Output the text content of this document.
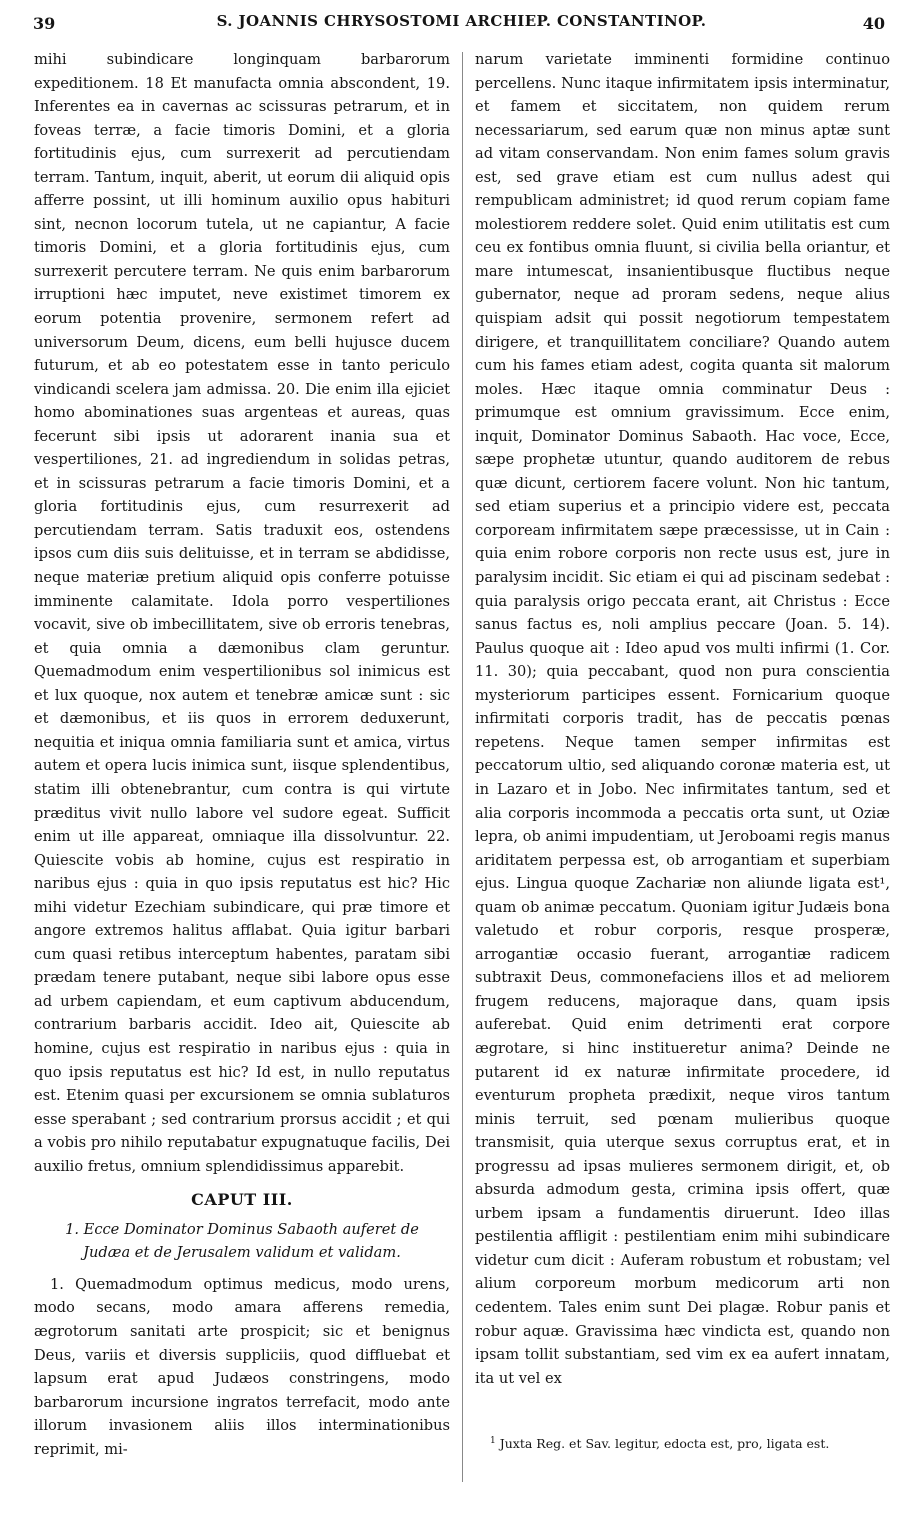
39	S. JOANNIS CHRYSOSTOMI ARCHIEP. CONSTANTINOP.	40

mihi subindicare longinquam barbarorum expeditionem. 18 Et manufacta omnia abscondent, 19. Inferentes ea in cavernas ac scissuras petrarum, et in foveas terræ, a facie timoris Domini, et a gloria fortitudinis ejus, cum surrexerit ad percutiendam terram. Tantum, inquit, aberit, ut eorum dii aliquid opis afferre possint, ut illi hominum auxilio opus habituri sint, necnon locorum tutela, ut ne capiantur, A facie timoris Domini, et a gloria fortitudinis ejus, cum surrexerit percutere terram. Ne quis enim barbarorum irruptioni hæc imputet, neve existimet timorem ex eorum potentia provenire, sermonem refert ad universorum Deum, dicens, eum belli hujusce ducem futurum, et ab eo potestatem esse in tanto periculo vindicandi scelera jam admissa. 20. Die enim illa ejiciet homo abominationes suas argenteas et aureas, quas fecerunt sibi ipsis ut adorarent inania sua et vespertiliones, 21. ad ingrediendum in solidas petras, et in scissuras petrarum a facie timoris Domini, et a gloria fortitudinis ejus, cum resurrexerit ad percutiendam terram. Satis traduxit eos, ostendens ipsos cum diis suis delituisse, et in terram se abdidisse, neque materiæ pretium aliquid opis conferre potuisse imminente calamitate. Idola porro vespertiliones vocavit, sive ob imbecillitatem, sive ob erroris tenebras, et quia omnia a dæmonibus clam geruntur. Quemadmodum enim vespertilionibus sol inimicus est et lux quoque, nox autem et tenebræ amicæ sunt : sic et dæmonibus, et iis quos in errorem deduxerunt, nequitia et iniqua omnia familiaria sunt et amica, virtus autem et opera lucis inimica sunt, iisque splendentibus, statim illi obtenebrantur, cum contra is qui virtute præditus vivit nullo labore vel sudore egeat. Sufficit enim ut ille appareat, omniaque illa dissolvuntur. 22. Quiescite vobis ab homine, cujus est respiratio in naribus ejus : quia in quo ipsis reputatus est hic? Hic mihi videtur Ezechiam subindicare, qui præ timore et angore extremos halitus afflabat. Quia igitur barbari cum quasi retibus interceptum habentes, paratam sibi prædam tenere putabant, neque sibi labore opus esse ad urbem capiendam, et eum captivum abducendum, contrarium barbaris accidit. Ideo ait, Quiescite ab homine, cujus est respiratio in naribus ejus : quia in quo ipsis reputatus est hic? Id est, in nullo reputatus est. Etenim quasi per excursionem se omnia sublaturos esse sperabant ; sed contrarium prorsus accidit ; et qui a vobis pro nihilo reputabatur expugnatuque facilis, Dei auxilio fretus, omnium splendidissimus apparebit.

CAPUT III.
1. Ecce Dominator Dominus Sabaoth auferet de Judæa et de Jerusalem validum et validam.

1. Quemadmodum optimus medicus, modo urens, modo secans, modo amara afferens remedia, ægrotorum sanitati arte prospicit; sic et benignus Deus, variis et diversis suppliciis, quod diffluebat et lapsum erat apud Judæos constringens, modo barbarorum incursione ingratos terrefacit, modo ante illorum invasionem aliis illos interminationibus reprimit, mi-

narum varietate imminenti formidine continuo percellens. Nunc itaque infirmitatem ipsis interminatur, et famem et siccitatem, non quidem rerum necessariarum, sed earum quæ non minus aptæ sunt ad vitam conservandam. Non enim fames solum gravis est, sed grave etiam est cum nullus adest qui rempublicam administret; id quod rerum copiam fame molestiorem reddere solet. Quid enim utilitatis est cum ceu ex fontibus omnia fluunt, si civilia bella oriantur, et mare intumescat, insanientibusque fluctibus neque gubernator, neque ad proram sedens, neque alius quispiam adsit qui possit negotiorum tempestatem dirigere, et tranquillitatem conciliare? Quando autem cum his fames etiam adest, cogita quanta sit malorum moles. Hæc itaque omnia comminatur Deus : primumque est omnium gravissimum. Ecce enim, inquit, Dominator Dominus Sabaoth. Hac voce, Ecce, sæpe prophetæ utuntur, quando auditorem de rebus quæ dicunt, certiorem facere volunt. Non hic tantum, sed etiam superius et a principio videre est, peccata corpoream infirmitatem sæpe præcessisse, ut in Cain : quia enim robore corporis non recte usus est, jure in paralysim incidit. Sic etiam ei qui ad piscinam sedebat : quia paralysis origo peccata erant, ait Christus : Ecce sanus factus es, noli amplius peccare (Joan. 5. 14). Paulus quoque ait : Ideo apud vos multi infirmi (1. Cor. 11. 30); quia peccabant, quod non pura conscientia mysteriorum participes essent. Fornicarium quoque infirmitati corporis tradit, has de peccatis pœnas repetens. Neque tamen semper infirmitas est peccatorum ultio, sed aliquando coronæ materia est, ut in Lazaro et in Jobo. Nec infirmitates tantum, sed et alia corporis incommoda a peccatis orta sunt, ut Oziæ lepra, ob animi impudentiam, ut Jeroboami regis manus ariditatem perpessa est, ob arrogantiam et superbiam ejus. Lingua quoque Zachariæ non aliunde ligata est¹, quam ob animæ peccatum. Quoniam igitur Judæis bona valetudo et robur corporis, resque prosperæ, arrogantiæ occasio fuerant, arrogantiæ radicem subtraxit Deus, commonefaciens illos et ad meliorem frugem reducens, majoraque dans, quam ipsis auferebat. Quid enim detrimenti erat corpore ægrotare, si hinc institueretur anima? Deinde ne putarent id ex naturæ infirmitate procedere, id eventurum propheta prædixit, neque viros tantum minis terruit, sed pœnam mulieribus quoque transmisit, quia uterque sexus corruptus erat, et in progressu ad ipsas mulieres sermonem dirigit, et, ob absurda admodum gesta, crimina ipsis offert, quæ urbem ipsam a fundamentis diruerunt. Ideo illas pestilentia affligit : pestilentiam enim mihi subindicare videtur cum dicit : Auferam robustum et robustam; vel alium corporeum morbum medicorum arti non cedentem. Tales enim sunt Dei plagæ. Robur panis et robur aquæ. Gravissima hæc vindicta est, quando non ipsam tollit substantiam, sed vim ex ea aufert innatam, ita ut vel ex

$^1$ Juxta Reg. et Sav. legitur, edocta est, pro, ligata est.
